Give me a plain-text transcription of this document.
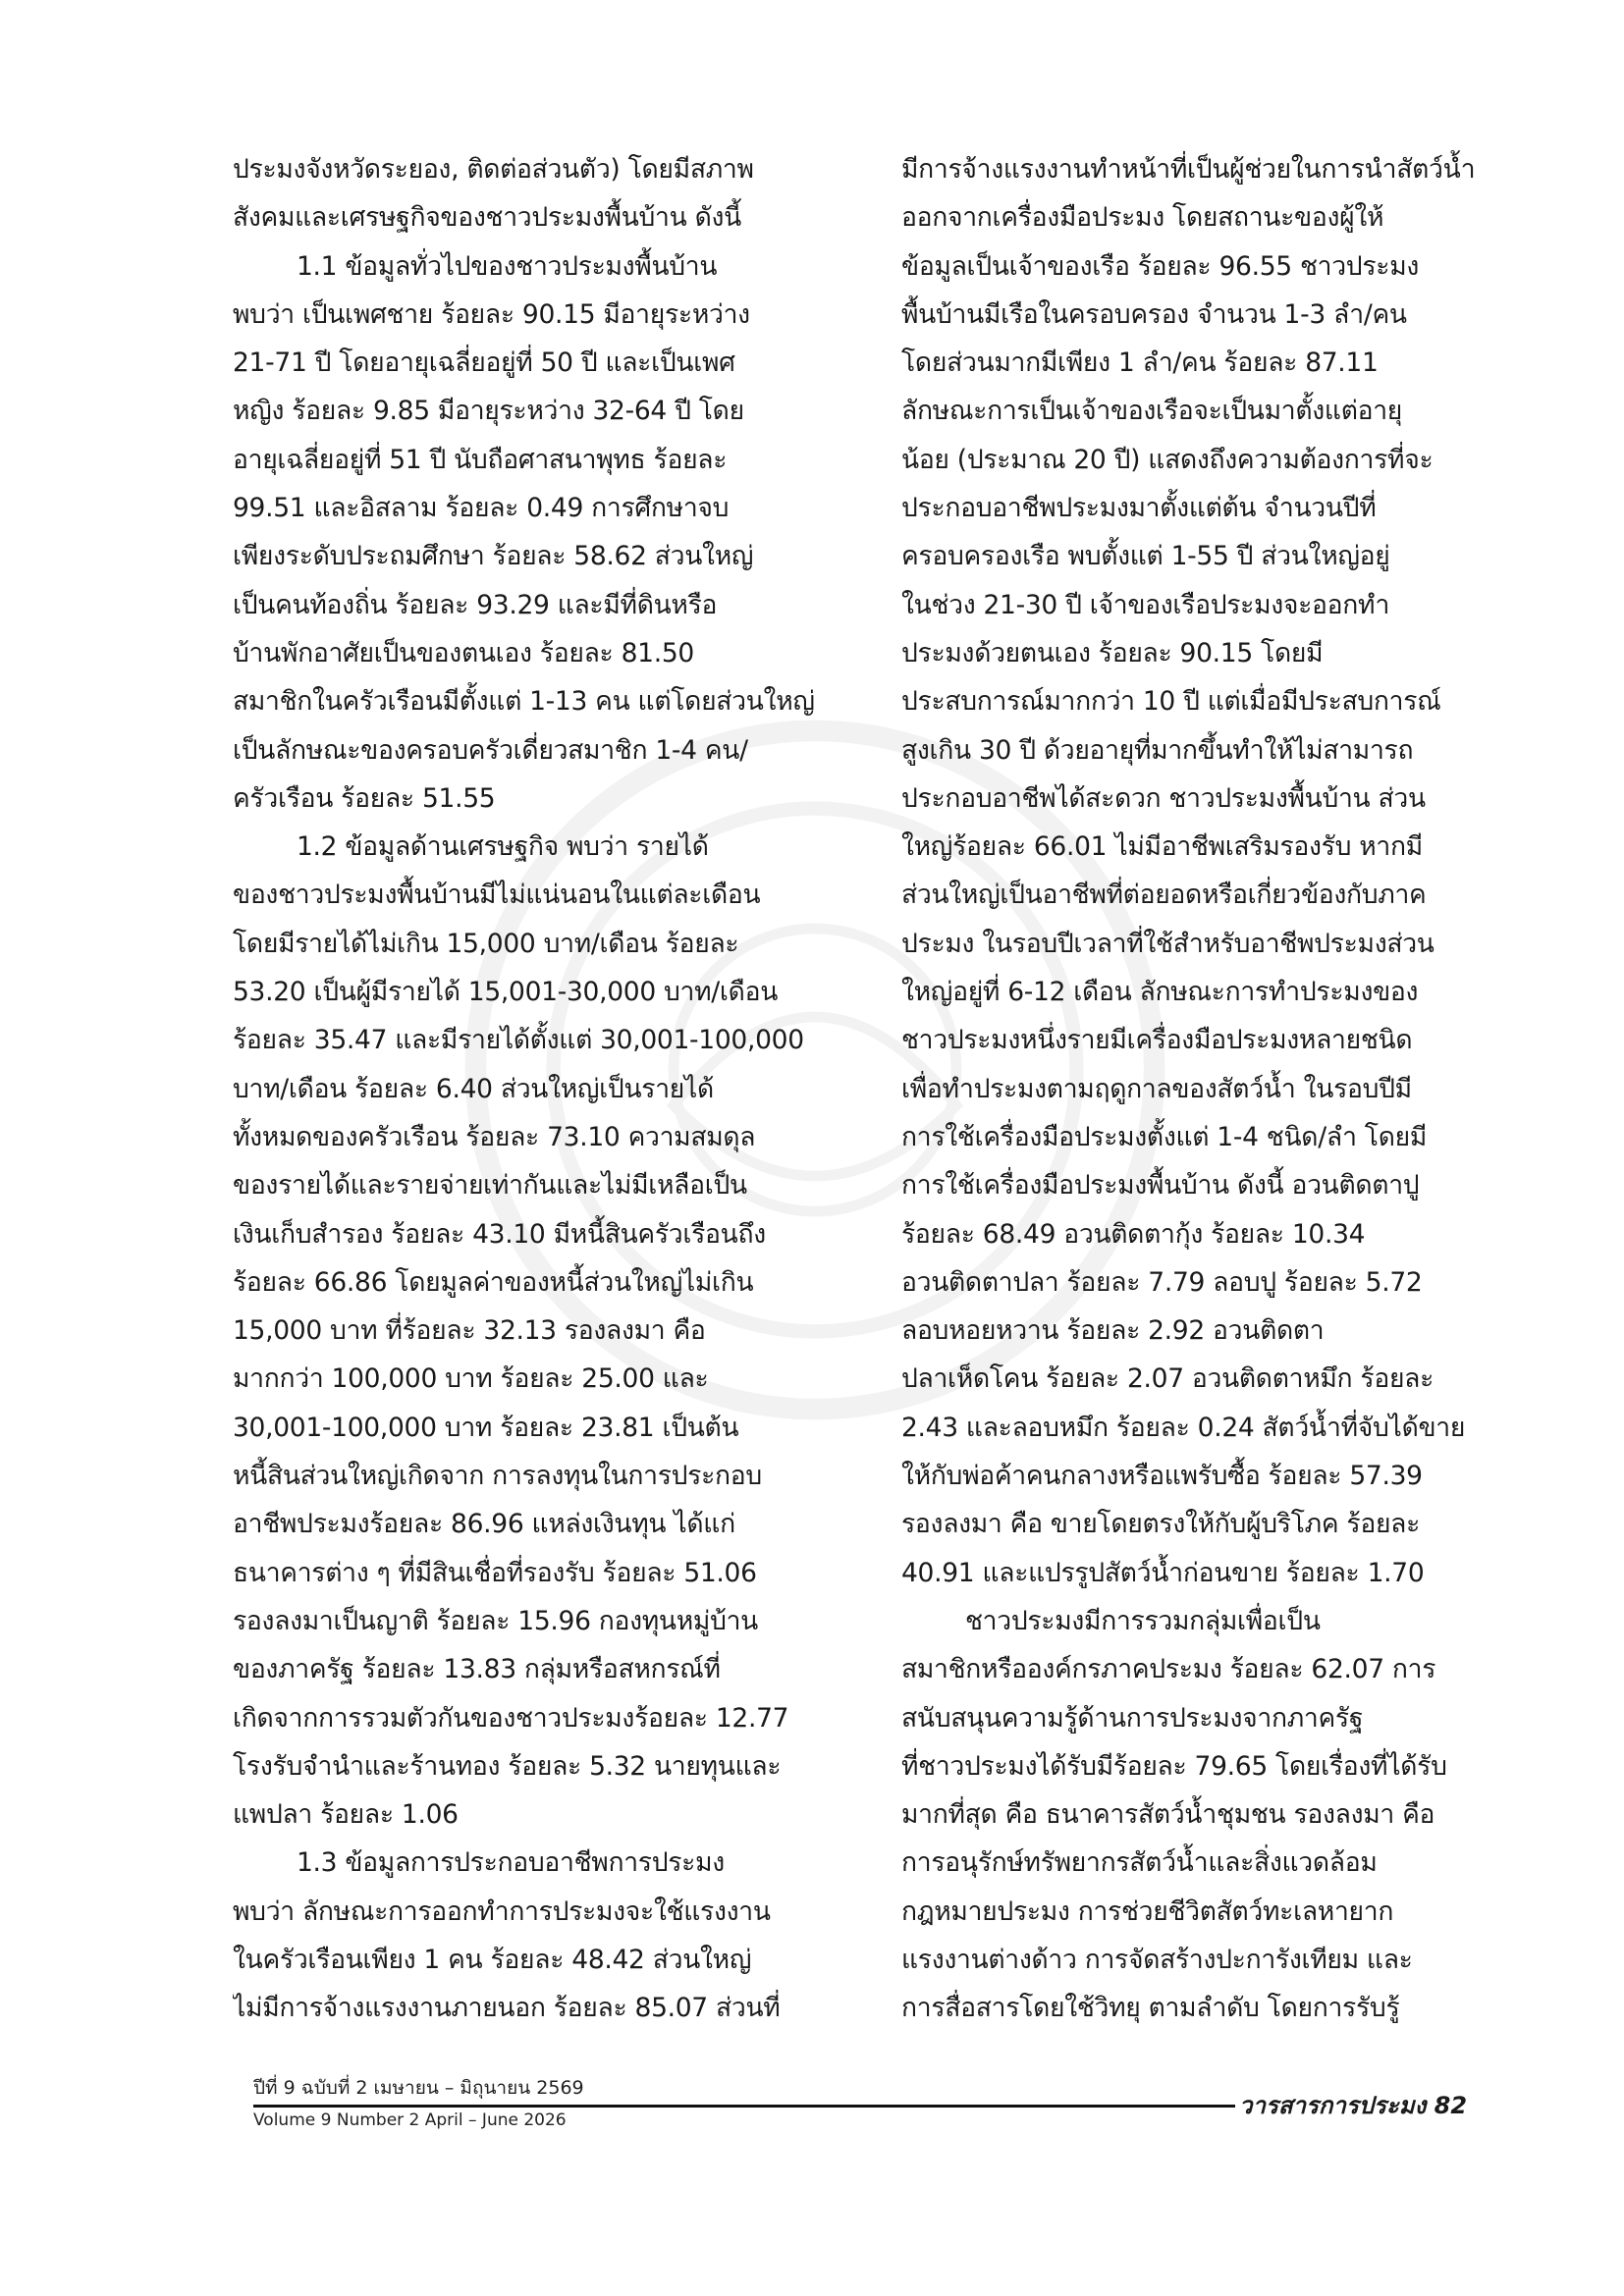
ประมงจังหวัดระยอง, ติดต่อส่วนตัว) โดยมีสภาพ

สังคมและเศรษฐกิจของชาวประมงพื้นบ้าน ดังนี้

1.1 ข้อมูลทั่วไปของชาวประมงพื้นบ้าน

พบว่า เป็นเพศชาย ร้อยละ 90.15 มีอายุระหว่าง

21-71 ปี โดยอายุเฉลี่ยอยู่ที่ 50 ปี และเป็นเพศ

หญิง ร้อยละ 9.85 มีอายุระหว่าง 32-64 ปี โดย

อายุเฉลี่ยอยู่ที่ 51 ปี นับถือศาสนาพุทธ ร้อยละ

99.51 และอิสลาม ร้อยละ 0.49 การศึกษาจบ

เพียงระดับประถมศึกษา ร้อยละ 58.62 ส่วนใหญ่

เป็นคนท้องถิ่น ร้อยละ 93.29 และมีที่ดินหรือ

บ้านพักอาศัยเป็นของตนเอง ร้อยละ 81.50

สมาชิกในครัวเรือนมีตั้งแต่ 1-13 คน แต่โดยส่วนใหญ่

เป็นลักษณะของครอบครัวเดี่ยวสมาชิก 1-4 คน/

ครัวเรือน ร้อยละ 51.55

1.2 ข้อมูลด้านเศรษฐกิจ พบว่า รายได้

ของชาวประมงพื้นบ้านมีไม่แน่นอนในแต่ละเดือน

โดยมีรายได้ไม่เกิน 15,000 บาท/เดือน ร้อยละ

53.20 เป็นผู้มีรายได้ 15,001-30,000 บาท/เดือน

ร้อยละ 35.47 และมีรายได้ตั้งแต่ 30,001-100,000

บาท/เดือน ร้อยละ 6.40 ส่วนใหญ่เป็นรายได้

ทั้งหมดของครัวเรือน ร้อยละ 73.10 ความสมดุล

ของรายได้และรายจ่ายเท่ากันและไม่มีเหลือเป็น

เงินเก็บสำรอง ร้อยละ 43.10 มีหนี้สินครัวเรือนถึง

ร้อยละ 66.86 โดยมูลค่าของหนี้ส่วนใหญ่ไม่เกิน

15,000 บาท ที่ร้อยละ 32.13 รองลงมา คือ

มากกว่า 100,000 บาท ร้อยละ 25.00 และ

30,001-100,000 บาท ร้อยละ 23.81 เป็นต้น

หนี้สินส่วนใหญ่เกิดจาก การลงทุนในการประกอบ

อาชีพประมงร้อยละ 86.96 แหล่งเงินทุน ได้แก่

ธนาคารต่าง ๆ ที่มีสินเชื่อที่รองรับ ร้อยละ 51.06

รองลงมาเป็นญาติ ร้อยละ 15.96 กองทุนหมู่บ้าน

ของภาครัฐ ร้อยละ 13.83 กลุ่มหรือสหกรณ์ที่

เกิดจากการรวมตัวกันของชาวประมงร้อยละ 12.77

โรงรับจำนำและร้านทอง ร้อยละ 5.32 นายทุนและ

แพปลา ร้อยละ 1.06

1.3 ข้อมูลการประกอบอาชีพการประมง

พบว่า ลักษณะการออกทำการประมงจะใช้แรงงาน

ในครัวเรือนเพียง 1 คน ร้อยละ 48.42 ส่วนใหญ่

ไม่มีการจ้างแรงงานภายนอก ร้อยละ 85.07 ส่วนที่

มีการจ้างแรงงานทำหน้าที่เป็นผู้ช่วยในการนำสัตว์น้ำ

ออกจากเครื่องมือประมง โดยสถานะของผู้ให้

ข้อมูลเป็นเจ้าของเรือ ร้อยละ 96.55 ชาวประมง

พื้นบ้านมีเรือในครอบครอง จำนวน 1-3 ลำ/คน

โดยส่วนมากมีเพียง 1 ลำ/คน ร้อยละ 87.11

ลักษณะการเป็นเจ้าของเรือจะเป็นมาตั้งแต่อายุ

น้อย (ประมาณ 20 ปี) แสดงถึงความต้องการที่จะ

ประกอบอาชีพประมงมาตั้งแต่ต้น จำนวนปีที่

ครอบครองเรือ พบตั้งแต่ 1-55 ปี ส่วนใหญ่อยู่

ในช่วง 21-30 ปี เจ้าของเรือประมงจะออกทำ

ประมงด้วยตนเอง ร้อยละ 90.15 โดยมี

ประสบการณ์มากกว่า 10 ปี แต่เมื่อมีประสบการณ์

สูงเกิน 30 ปี ด้วยอายุที่มากขึ้นทำให้ไม่สามารถ

ประกอบอาชีพได้สะดวก ชาวประมงพื้นบ้าน ส่วน

ใหญ่ร้อยละ 66.01 ไม่มีอาชีพเสริมรองรับ หากมี

ส่วนใหญ่เป็นอาชีพที่ต่อยอดหรือเกี่ยวข้องกับภาค

ประมง ในรอบปีเวลาที่ใช้สำหรับอาชีพประมงส่วน

ใหญ่อยู่ที่ 6-12 เดือน ลักษณะการทำประมงของ

ชาวประมงหนึ่งรายมีเครื่องมือประมงหลายชนิด

เพื่อทำประมงตามฤดูกาลของสัตว์น้ำ ในรอบปีมี

การใช้เครื่องมือประมงตั้งแต่ 1-4 ชนิด/ลำ โดยมี

การใช้เครื่องมือประมงพื้นบ้าน ดังนี้ อวนติดตาปู

ร้อยละ 68.49 อวนติดตากุ้ง ร้อยละ 10.34

อวนติดตาปลา ร้อยละ 7.79 ลอบปู ร้อยละ 5.72

ลอบหอยหวาน ร้อยละ 2.92 อวนติดตา

ปลาเห็ดโคน ร้อยละ 2.07 อวนติดตาหมึก ร้อยละ

2.43 และลอบหมึก ร้อยละ 0.24 สัตว์น้ำที่จับได้ขาย

ให้กับพ่อค้าคนกลางหรือแพรับซื้อ ร้อยละ 57.39

รองลงมา คือ ขายโดยตรงให้กับผู้บริโภค ร้อยละ

40.91 และแปรรูปสัตว์น้ำก่อนขาย ร้อยละ 1.70

ชาวประมงมีการรวมกลุ่มเพื่อเป็น

สมาชิกหรือองค์กรภาคประมง ร้อยละ 62.07 การ

สนับสนุนความรู้ด้านการประมงจากภาครัฐ

ที่ชาวประมงได้รับมีร้อยละ 79.65 โดยเรื่องที่ได้รับ

มากที่สุด คือ ธนาคารสัตว์น้ำชุมชน รองลงมา คือ

การอนุรักษ์ทรัพยากรสัตว์น้ำและสิ่งแวดล้อม

กฎหมายประมง การช่วยชีวิตสัตว์ทะเลหายาก

แรงงานต่างด้าว การจัดสร้างปะการังเทียม และ

การสื่อสารโดยใช้วิทยุ ตามลำดับ โดยการรับรู้

ปีที่ 9 ฉบับที่ 2 เมษายน – มิถุนายน 2569
Volume 9 Number 2 April – June 2026
วารสารการประมง 82
